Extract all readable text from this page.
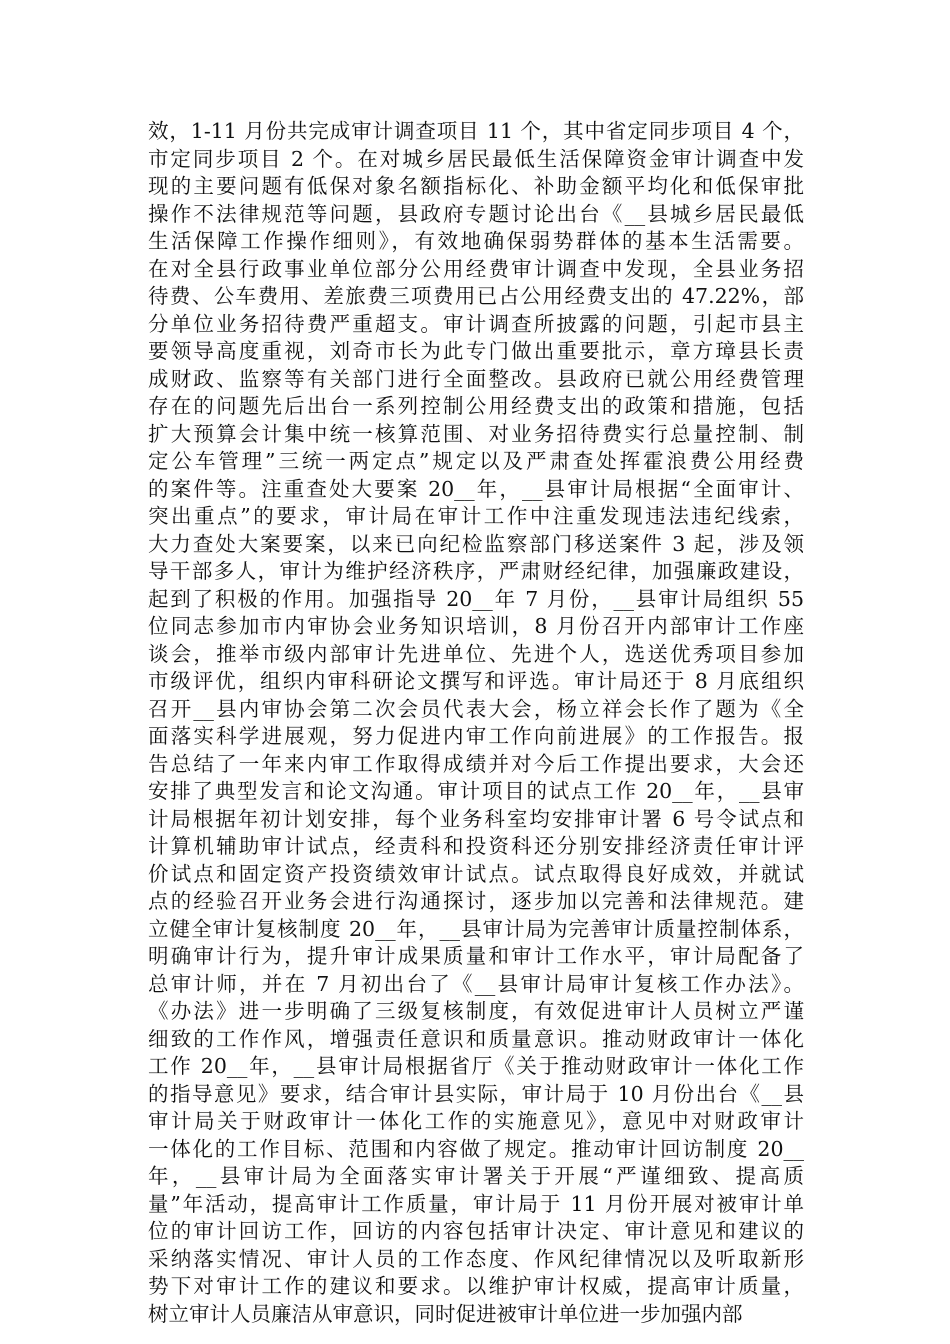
效，1-11 月份共完成审计调查项目 11 个，其中省定同步项目 4 个，
市定同步项目 2 个。在对城乡居民最低生活保障资金审计调查中发
现的主要问题有低保对象名额指标化、补助金额平均化和低保审批
操作不法律规范等问题，县政府专题讨论出台《__县城乡居民最低
生活保障工作操作细则》，有效地确保弱势群体的基本生活需要。
在对全县行政事业单位部分公用经费审计调查中发现，全县业务招
待费、公车费用、差旅费三项费用已占公用经费支出的 47.22%，部
分单位业务招待费严重超支。审计调查所披露的问题，引起市县主
要领导高度重视，刘奇市长为此专门做出重要批示，章方璋县长责
成财政、监察等有关部门进行全面整改。县政府已就公用经费管理
存在的问题先后出台一系列控制公用经费支出的政策和措施，包括
扩大预算会计集中统一核算范围、对业务招待费实行总量控制、制
定公车管理”三统一两定点”规定以及严肃查处挥霍浪费公用经费
的案件等。注重查处大要案 20__年，__县审计局根据“全面审计、
突出重点”的要求，审计局在审计工作中注重发现违法违纪线索，
大力查处大案要案，以来已向纪检监察部门移送案件 3 起，涉及领
导干部多人，审计为维护经济秩序，严肃财经纪律，加强廉政建设，
起到了积极的作用。加强指导 20__年 7 月份，__县审计局组织 55
位同志参加市内审协会业务知识培训，8 月份召开内部审计工作座
谈会，推举市级内部审计先进单位、先进个人，选送优秀项目参加
市级评优，组织内审科研论文撰写和评选。审计局还于 8 月底组织
召开__县内审协会第二次会员代表大会，杨立祥会长作了题为《全
面落实科学进展观，努力促进内审工作向前进展》的工作报告。报
告总结了一年来内审工作取得成绩并对今后工作提出要求，大会还
安排了典型发言和论文沟通。审计项目的试点工作 20__年，__县审
计局根据年初计划安排，每个业务科室均安排审计署 6 号令试点和
计算机辅助审计试点，经责科和投资科还分别安排经济责任审计评
价试点和固定资产投资绩效审计试点。试点取得良好成效，并就试
点的经验召开业务会进行沟通探讨，逐步加以完善和法律规范。建
立健全审计复核制度 20__年，__县审计局为完善审计质量控制体系，
明确审计行为，提升审计成果质量和审计工作水平，审计局配备了
总审计师，并在 7 月初出台了《__县审计局审计复核工作办法》。
《办法》进一步明确了三级复核制度，有效促进审计人员树立严谨
细致的工作作风，增强责任意识和质量意识。推动财政审计一体化
工作 20__年，__县审计局根据省厅《关于推动财政审计一体化工作
的指导意见》要求，结合审计县实际，审计局于 10 月份出台《__县
审计局关于财政审计一体化工作的实施意见》，意见中对财政审计
一体化的工作目标、范围和内容做了规定。推动审计回访制度 20__
年，__县审计局为全面落实审计署关于开展“严谨细致、提高质
量”年活动，提高审计工作质量，审计局于 11 月份开展对被审计单
位的审计回访工作，回访的内容包括审计决定、审计意见和建议的
采纳落实情况、审计人员的工作态度、作风纪律情况以及听取新形
势下对审计工作的建议和要求。以维护审计权威，提高审计质量，
树立审计人员廉洁从审意识，同时促进被审计单位进一步加强内部
